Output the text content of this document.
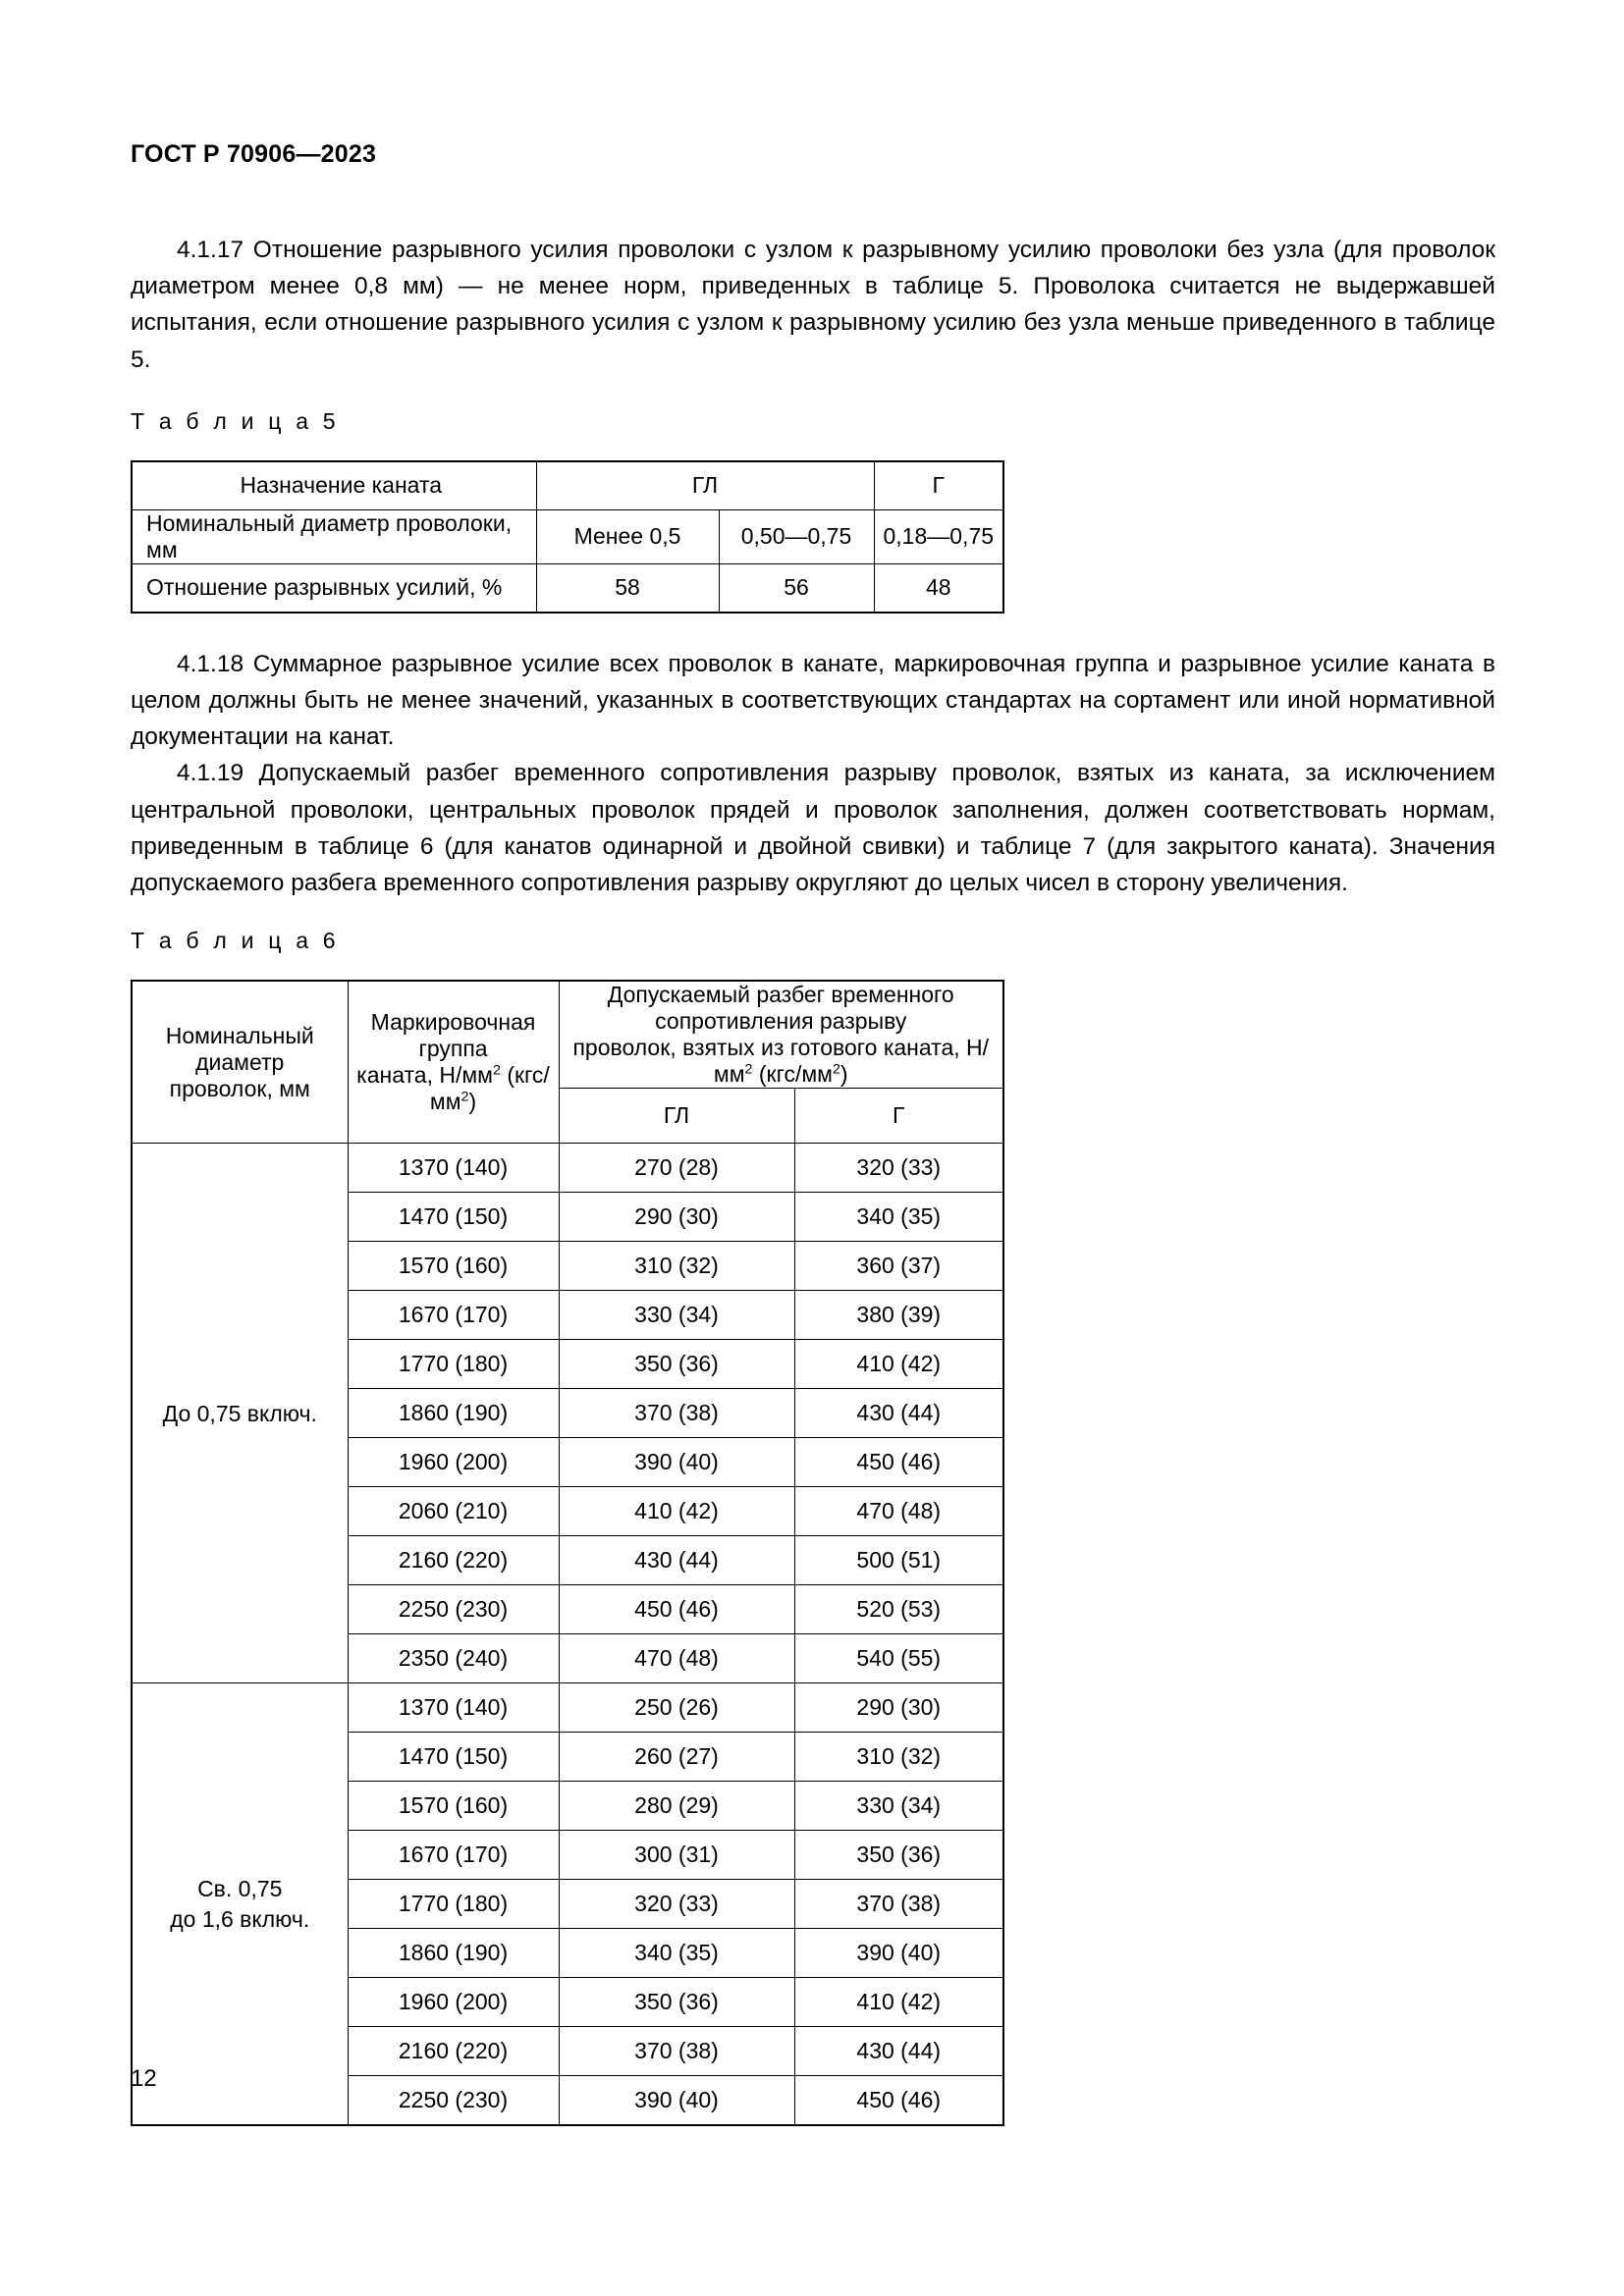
ГОСТ Р 70906—2023

4.1.17 Отношение разрывного усилия проволоки с узлом к разрывному усилию проволоки без узла (для проволок диаметром менее 0,8 мм) — не менее норм, приведенных в таблице 5. Проволока считается не выдержавшей испытания, если отношение разрывного усилия с узлом к разрывному усилию без узла меньше приведенного в таблице 5.

Т а б л и ц а 5
Назначение каната	ГЛ		Г
Номинальный диаметр проволоки, мм	Менее 0,5	0,50—0,75	0,18—0,75
Отношение разрывных усилий, %	58	56	48

4.1.18 Суммарное разрывное усилие всех проволок в канате, маркировочная группа и разрывное усилие каната в целом должны быть не менее значений, указанных в соответствующих стандартах на сортамент или иной нормативной документации на канат.

4.1.19 Допускаемый разбег временного сопротивления разрыву проволок, взятых из каната, за исключением центральной проволоки, центральных проволок прядей и проволок заполнения, должен соответствовать нормам, приведенным в таблице 6 (для канатов одинарной и двойной свивки) и таблице 7 (для закрытого каната). Значения допускаемого разбега временного сопротивления разрыву округляют до целых чисел в сторону увеличения.

Т а б л и ц а 6
Номинальный диаметр
проволок, мм	Маркировочная группа
каната, $Н/мм^2$ $(кгс/мм^2)$	Допускаемый разбег временного сопротивления разрыву
проволок, взятых из готового каната, $Н/мм^2$ $(кгс/мм^2)$	
		ГЛ	Г
До 0,75 включ.	1370 (140)	270 (28)	320 (33)
	1470 (150)	290 (30)	340 (35)
	1570 (160)	310 (32)	360 (37)
	1670 (170)	330 (34)	380 (39)
	1770 (180)	350 (36)	410 (42)
	1860 (190)	370 (38)	430 (44)
	1960 (200)	390 (40)	450 (46)
	2060 (210)	410 (42)	470 (48)
	2160 (220)	430 (44)	500 (51)
	2250 (230)	450 (46)	520 (53)
	2350 (240)	470 (48)	540 (55)
Св. 0,75
до 1,6 включ.	1370 (140)	250 (26)	290 (30)
	1470 (150)	260 (27)	310 (32)
	1570 (160)	280 (29)	330 (34)
	1670 (170)	300 (31)	350 (36)
	1770 (180)	320 (33)	370 (38)
	1860 (190)	340 (35)	390 (40)
	1960 (200)	350 (36)	410 (42)
	2160 (220)	370 (38)	430 (44)
	2250 (230)	390 (40)	450 (46)
12
